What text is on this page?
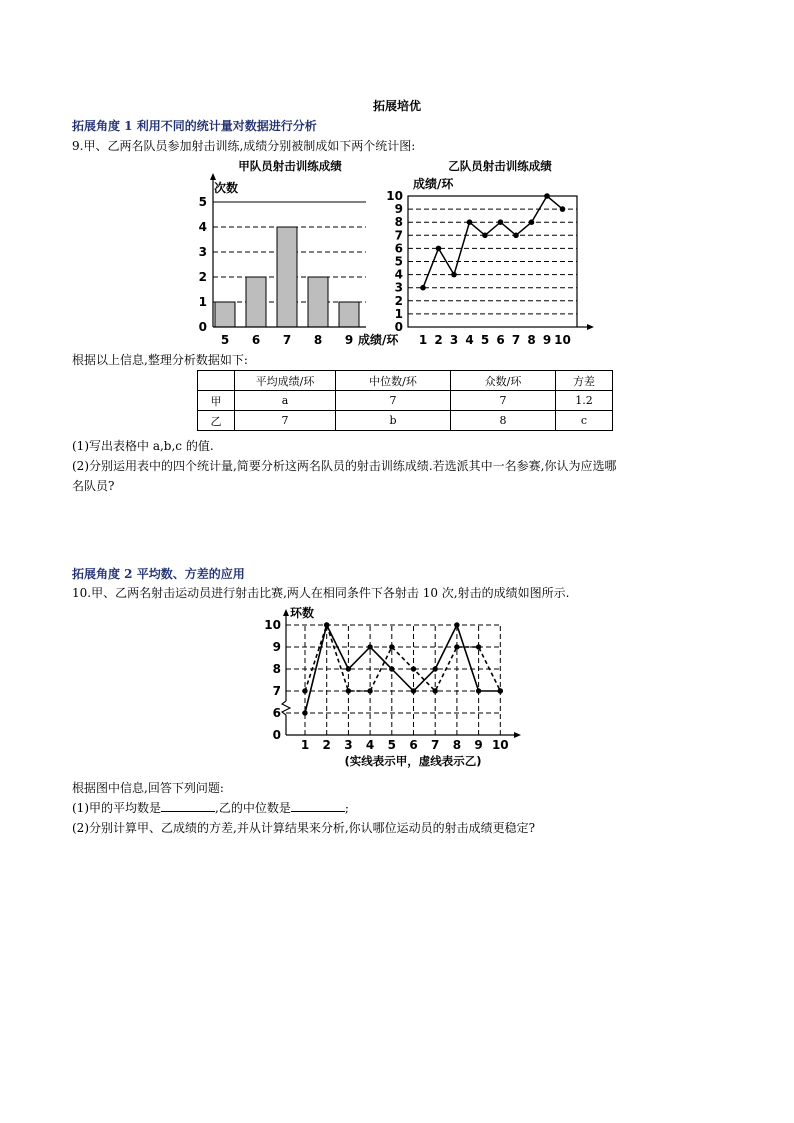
拓展培优
拓展角度 1 利用不同的统计量对数据进行分析
9.甲、乙两名队员参加射击训练,成绩分别被制成如下两个统计图:
甲队员射击训练成绩	乙队员射击训练成绩
0
1
2
3
4
5
5 6 7 8 9
次数
成绩/环
0
1
2
3
4
5
6
7
8
9
10
1 2 3 4 5 6 7 8 9 10
成绩/环
根据以上信息,整理分析数据如下:
	平均成绩/环	中位数/环	众数/环	方差
甲	a	7	7	1.2
乙	7	b	8	c
(1)写出表格中 a,b,c 的值.
(2)分别运用表中的四个统计量,简要分析这两名队员的射击训练成绩.若选派其中一名参赛,你认为应选哪
名队员?
拓展角度 2 平均数、方差的应用
10.甲、乙两名射击运动员进行射击比赛,两人在相同条件下各射击 10 次,射击的成绩如图所示.
0
6
7
8
9
10
1 2 3 4 5 6 7 8 9 10
环数
(实线表示甲，虚线表示乙)
根据图中信息,回答下列问题:
(1)甲的平均数是	,乙的中位数是	;
(2)分别计算甲、乙成绩的方差,并从计算结果来分析,你认哪位运动员的射击成绩更稳定?
